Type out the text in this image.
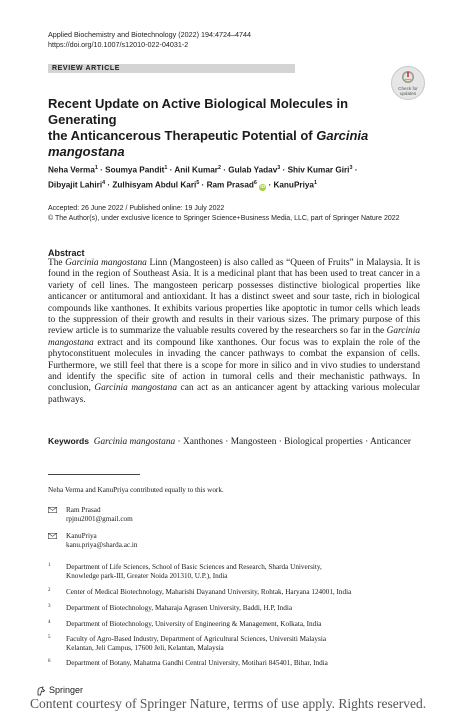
Applied Biochemistry and Biotechnology (2022) 194:4724–4744
https://doi.org/10.1007/s12010-022-04031-2
REVIEW ARTICLE
Check for
updates
Recent Update on Active Biological Molecules in Generating
the Anticancerous Therapeutic Potential of Garcinia
mangostana
Neha Verma$^1$ · Soumya Pandit$^1$ · Anil Kumar$^2$ · Gulab Yadav$^3$ · Shiv Kumar Giri$^3$ ·
Dibyajit Lahiri$^4$ · Zulhisyam Abdul Kari$^5$ · Ram Prasad$^6$ iD · KanuPriya$^1$
Accepted: 26 June 2022 / Published online: 19 July 2022
© The Author(s), under exclusive licence to Springer Science+Business Media, LLC, part of Springer Nature 2022
Abstract
The Garcinia mangostana Linn (Mangosteen) is also called as “Queen of Fruits” in Malaysia. It is found in the region of Southeast Asia. It is a medicinal plant that has been used to treat cancer in a variety of cell lines. The mangosteen pericarp possesses distinctive biological properties like anticancer or antitumoral and antioxidant. It has a distinct sweet and sour taste, rich in biological compounds like xanthones. It exhibits various properties like apoptotic in tumor cells which leads to the suppression of their growth and results in their various sizes. The primary purpose of this review article is to summarize the valuable results covered by the researchers so far in the Garcinia mangostana extract and its compound like xanthones. Our focus was to explain the role of the phytoconstituent molecules in invading the cancer pathways to combat the expansion of cells. Furthermore, we still feel that there is a scope for more in silico and in vivo studies to understand and identify the specific site of action in tumoral cells and their mechanistic pathways. In conclusion, Garcinia mangostana can act as an anticancer agent by attacking various molecular pathways.
Keywords Garcinia mangostana · Xanthones · Mangosteen · Biological properties · Anticancer
Neha Verma and KanuPriya contributed equally to this work.
Ram Prasad
rpjnu2001@gmail.com
KanuPriya
kanu.priya@sharda.ac.in
1 Department of Life Sciences, School of Basic Sciences and Research, Sharda University,
Knowledge park-III, Greater Noida 201310, U.P.), India
2 Center of Medical Biotechnology, Maharishi Dayanand University, Rohtak, Haryana 124001, India
3 Department of Biotechnology, Maharaja Agrasen University, Baddi, H.P, India
4 Department of Biotechnology, University of Engineering & Management, Kolkata, India
5 Faculty of Agro-Based Industry, Department of Agricultural Sciences, Universiti Malaysia
Kelantan, Jeli Campus, 17600 Jeli, Kelantan, Malaysia
6 Department of Botany, Mahatma Gandhi Central University, Motihari 845401, Bihar, India
Springer
Content courtesy of Springer Nature, terms of use apply. Rights reserved.
